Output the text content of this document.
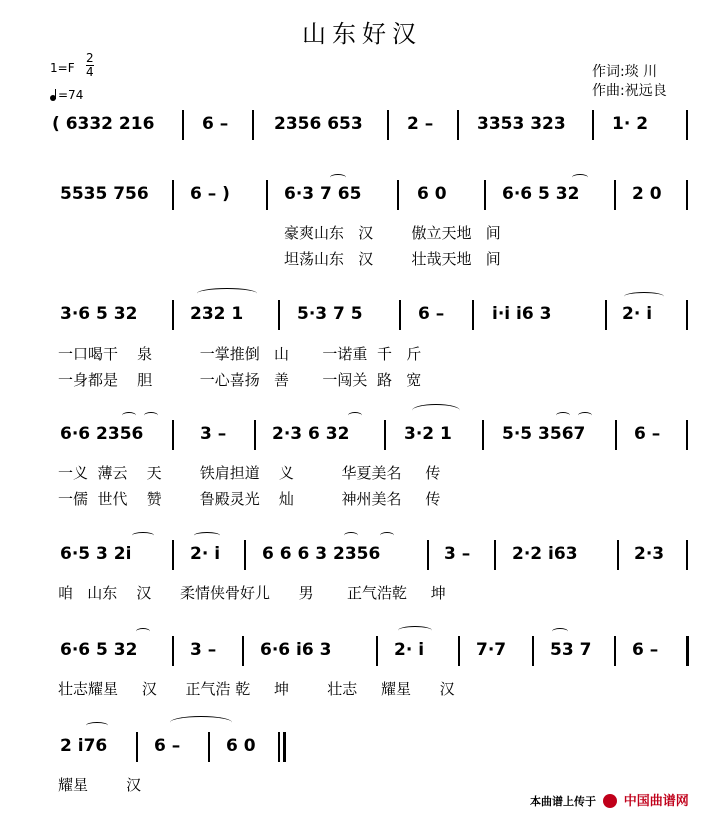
山东好汉
1=F
2
4
=74
作词:琰 川
作曲:祝远良
( 6332 216	6 –	2356 653	2 –	3353 323	1· 2
5535 756 6 – )	6·3 7 65	6 0	6·6 5 32	2 0
豪爽山东   汉        傲立天地   间
坦荡山东   汉        壮哉天地   间
3·6 5 32	232 1	5·3 7 5	6 –	i·i i6 3	2· i
一口喝干    泉          一掌推倒   山       一诺重  千   斤
一身都是    胆          一心喜扬   善       一闯关  路   宽
6·6 2356	3 –	2·3 6 32	3·2 1	5·5 3567	6 –
一义  薄云    天        铁肩担道    义          华夏美名     传
一儒  世代    赞        鲁殿灵光    灿          神州美名     传
6·5 3 2i	2· i 6 6 6 3 2356	3 – 2·2 i63	2·3
咱   山东    汉      柔情侠骨好儿      男       正气浩乾     坤
6·6 5 32	3 –	6·6 i6 3	2· i	7·7	53 7 6 –
壮志耀星     汉      正气浩 乾     坤        壮志     耀星      汉
2 i76	6 –	6 0
耀星        汉
本曲谱上传于 中国曲谱网
